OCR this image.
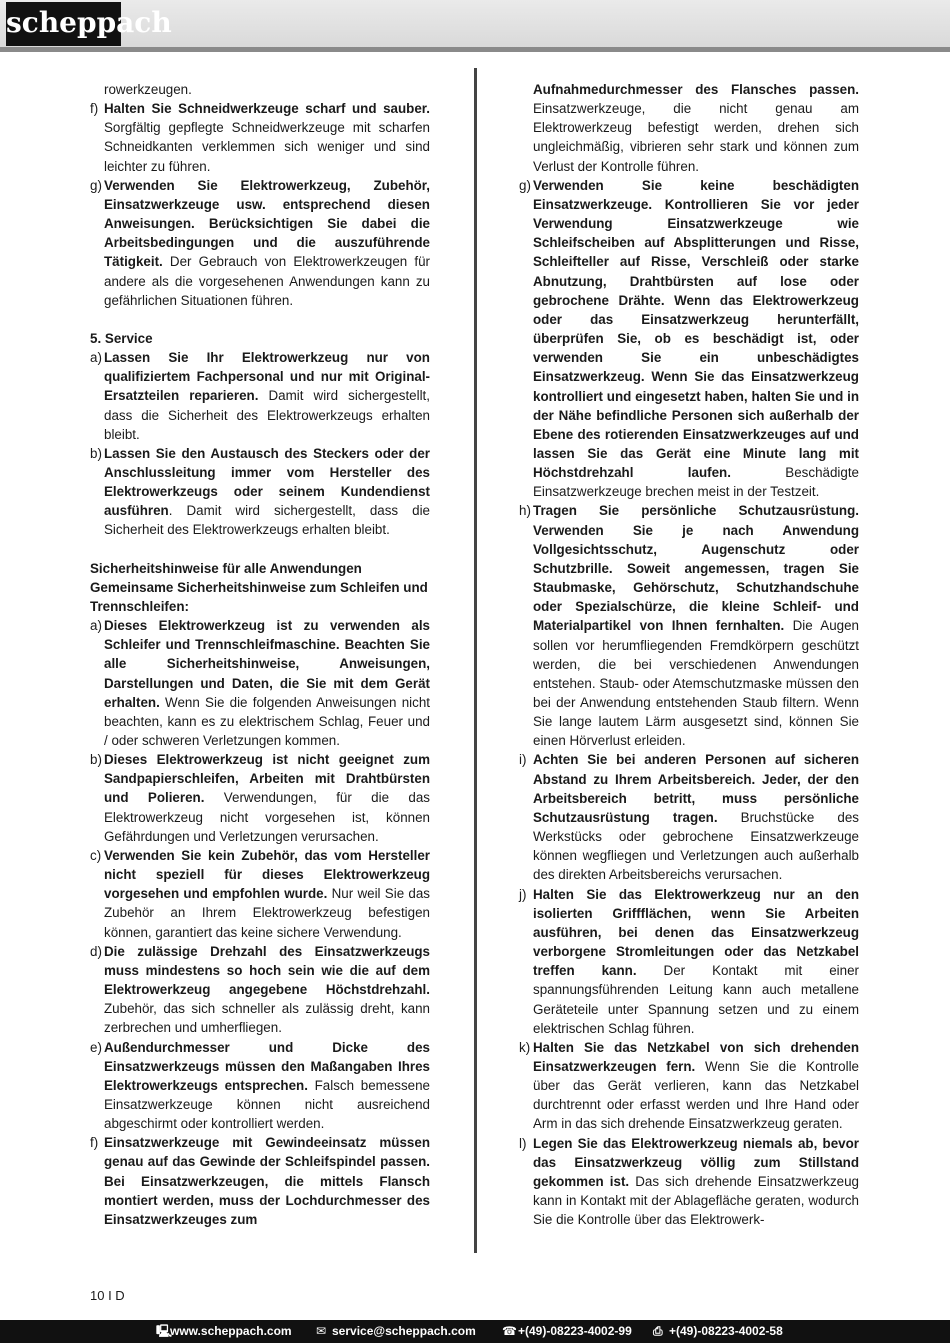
scheppach

rowerkzeugen.

f) Halten Sie Schneidwerkzeuge scharf und sauber. Sorgfältig gepflegte Schneidwerkzeuge mit scharfen Schneidkanten verklemmen sich weniger und sind leichter zu führen.

g) Verwenden Sie Elektrowerkzeug, Zubehör, Einsatzwerkzeuge usw. entsprechend diesen Anweisungen. Berücksichtigen Sie dabei die Arbeitsbedingungen und die auszuführende Tätigkeit. Der Gebrauch von Elektrowerkzeugen für andere als die vorgesehenen Anwendungen kann zu gefährlichen Situationen führen.

5. Service

a) Lassen Sie Ihr Elektrowerkzeug nur von qualifiziertem Fachpersonal und nur mit Original-Ersatzteilen reparieren. Damit wird sichergestellt, dass die Sicherheit des Elektrowerkzeugs erhalten bleibt.

b) Lassen Sie den Austausch des Steckers oder der Anschlussleitung immer vom Hersteller des Elektrowerkzeugs oder seinem Kundendienst ausführen. Damit wird sichergestellt, dass die Sicherheit des Elektrowerkzeugs erhalten bleibt.

Sicherheitshinweise für alle Anwendungen

Gemeinsame Sicherheitshinweise zum Schleifen und Trennschleifen:

a) Dieses Elektrowerkzeug ist zu verwenden als Schleifer und Trennschleifmaschine. Beachten Sie alle Sicherheitshinweise, Anweisungen, Darstellungen und Daten, die Sie mit dem Gerät erhalten. Wenn Sie die folgenden Anweisungen nicht beachten, kann es zu elektrischem Schlag, Feuer und / oder schweren Verletzungen kommen.

b) Dieses Elektrowerkzeug ist nicht geeignet zum Sandpapierschleifen, Arbeiten mit Drahtbürsten und Polieren. Verwendungen, für die das Elektrowerkzeug nicht vorgesehen ist, können Gefährdungen und Verletzungen verursachen.

c) Verwenden Sie kein Zubehör, das vom Hersteller nicht speziell für dieses Elektrowerkzeug vorgesehen und empfohlen wurde. Nur weil Sie das Zubehör an Ihrem Elektrowerkzeug befestigen können, garantiert das keine sichere Verwendung.

d) Die zulässige Drehzahl des Einsatzwerkzeugs muss mindestens so hoch sein wie die auf dem Elektrowerkzeug angegebene Höchstdrehzahl. Zubehör, das sich schneller als zulässig dreht, kann zerbrechen und umherfliegen.

e) Außendurchmesser und Dicke des Einsatzwerkzeugs müssen den Maßangaben Ihres Elektrowerkzeugs entsprechen. Falsch bemessene Einsatzwerkzeuge können nicht ausreichend abgeschirmt oder kontrolliert werden.

f) Einsatzwerkzeuge mit Gewindeeinsatz müssen genau auf das Gewinde der Schleifspindel passen. Bei Einsatzwerkzeugen, die mittels Flansch montiert werden, muss der Lochdurchmesser des Einsatzwerkzeuges zum

Aufnahmedurchmesser des Flansches passen. Einsatzwerkzeuge, die nicht genau am Elektrowerkzeug befestigt werden, drehen sich ungleichmäßig, vibrieren sehr stark und können zum Verlust der Kontrolle führen.

g) Verwenden Sie keine beschädigten Einsatzwerkzeuge. Kontrollieren Sie vor jeder Verwendung Einsatzwerkzeuge wie Schleifscheiben auf Absplitterungen und Risse, Schleifteller auf Risse, Verschleiß oder starke Abnutzung, Drahtbürsten auf lose oder gebrochene Drähte. Wenn das Elektrowerkzeug oder das Einsatzwerkzeug herunterfällt, überprüfen Sie, ob es beschädigt ist, oder verwenden Sie ein unbeschädigtes Einsatzwerkzeug. Wenn Sie das Einsatzwerkzeug kontrolliert und eingesetzt haben, halten Sie und in der Nähe befindliche Personen sich außerhalb der Ebene des rotierenden Einsatzwerkzeuges auf und lassen Sie das Gerät eine Minute lang mit Höchstdrehzahl laufen. Beschädigte Einsatzwerkzeuge brechen meist in der Testzeit.

h) Tragen Sie persönliche Schutzausrüstung. Verwenden Sie je nach Anwendung Vollgesichtsschutz, Augenschutz oder Schutzbrille. Soweit angemessen, tragen Sie Staubmaske, Gehörschutz, Schutzhandschuhe oder Spezialschürze, die kleine Schleif- und Materialpartikel von Ihnen fernhalten. Die Augen sollen vor herumfliegenden Fremdkörpern geschützt werden, die bei verschiedenen Anwendungen entstehen. Staub- oder Atemschutzmaske müssen den bei der Anwendung entstehenden Staub filtern. Wenn Sie lange lautem Lärm ausgesetzt sind, können Sie einen Hörverlust erleiden.

i) Achten Sie bei anderen Personen auf sicheren Abstand zu Ihrem Arbeitsbereich. Jeder, der den Arbeitsbereich betritt, muss persönliche Schutzausrüstung tragen. Bruchstücke des Werkstücks oder gebrochene Einsatzwerkzeuge können wegfliegen und Verletzungen auch außerhalb des direkten Arbeitsbereichs verursachen.

j) Halten Sie das Elektrowerkzeug nur an den isolierten Griffflächen, wenn Sie Arbeiten ausführen, bei denen das Einsatzwerkzeug verborgene Stromleitungen oder das Netzkabel treffen kann. Der Kontakt mit einer spannungsführenden Leitung kann auch metallene Geräteteile unter Spannung setzen und zu einem elektrischen Schlag führen.

k) Halten Sie das Netzkabel von sich drehenden Einsatzwerkzeugen fern. Wenn Sie die Kontrolle über das Gerät verlieren, kann das Netzkabel durchtrennt oder erfasst werden und Ihre Hand oder Arm in das sich drehende Einsatzwerkzeug geraten.

l) Legen Sie das Elektrowerkzeug niemals ab, bevor das Einsatzwerkzeug völlig zum Stillstand gekommen ist. Das sich drehende Einsatzwerkzeug kann in Kontakt mit der Ablagefläche geraten, wodurch Sie die Kontrolle über das Elektrowerk-

10 I D
🖳
www.scheppach.com ✉ service@scheppach.com ☎ +(49)-08223-4002-99 ⎙ +(49)-08223-4002-58
